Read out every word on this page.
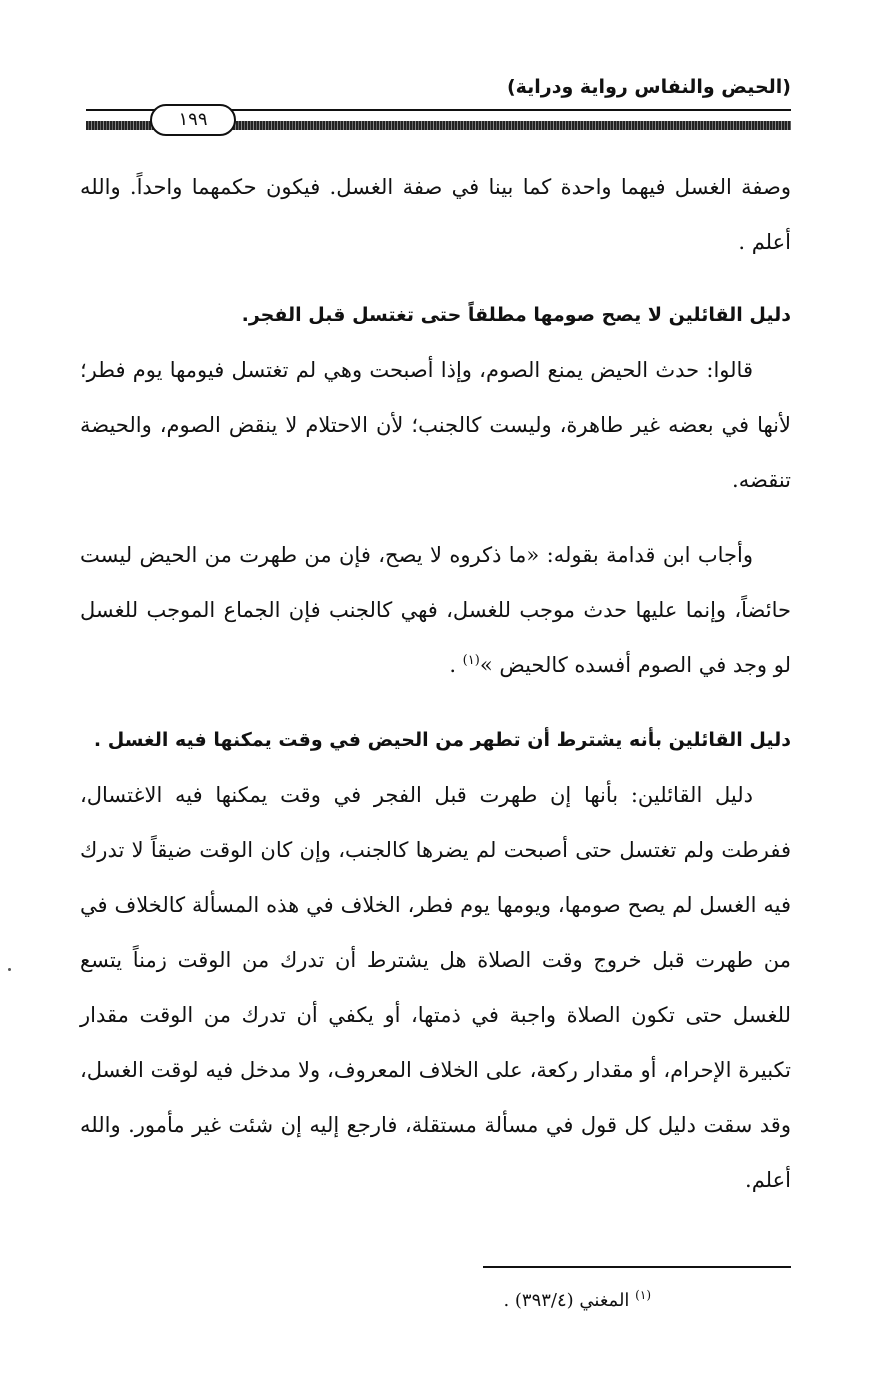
(الحيض والنفاس رواية ودراية)
١٩٩

وصفة الغسل فيهما واحدة كما بينا في صفة الغسل. فيكون حكمهما واحداً. والله أعلم .

دليل القائلين لا يصح صومها مطلقاً حتى تغتسل قبل الفجر.

قالوا: حدث الحيض يمنع الصوم، وإذا أصبحت وهي لم تغتسل فيومها يوم فطر؛ لأنها في بعضه غير طاهرة، وليست كالجنب؛ لأن الاحتلام لا ينقض الصوم، والحيضة تنقضه.

وأجاب ابن قدامة بقوله: «ما ذكروه لا يصح، فإن من طهرت من الحيض ليست حائضاً، وإنما عليها حدث موجب للغسل، فهي كالجنب فإن الجماع الموجب للغسل لو وجد في الصوم أفسده كالحيض »$^{(١)}$ .

دليل القائلين بأنه يشترط أن تطهر من الحيض في وقت يمكنها فيه الغسل .

دليل القائلين: بأنها إن طهرت قبل الفجر في وقت يمكنها فيه الاغتسال، ففرطت ولم تغتسل حتى أصبحت لم يضرها كالجنب، وإن كان الوقت ضيقاً لا تدرك فيه الغسل لم يصح صومها، ويومها يوم فطر، الخلاف في هذه المسألة كالخلاف في من طهرت قبل خروج وقت الصلاة هل يشترط أن تدرك من الوقت زمناً يتسع للغسل حتى تكون الصلاة واجبة في ذمتها، أو يكفي أن تدرك من الوقت مقدار تكبيرة الإحرام، أو مقدار ركعة، على الخلاف المعروف، ولا مدخل فيه لوقت الغسل، وقد سقت دليل كل قول في مسألة مستقلة، فارجع إليه إن شئت غير مأمور. والله أعلم.

$^{(١)}$ المغني (٣٩٣/٤) .
